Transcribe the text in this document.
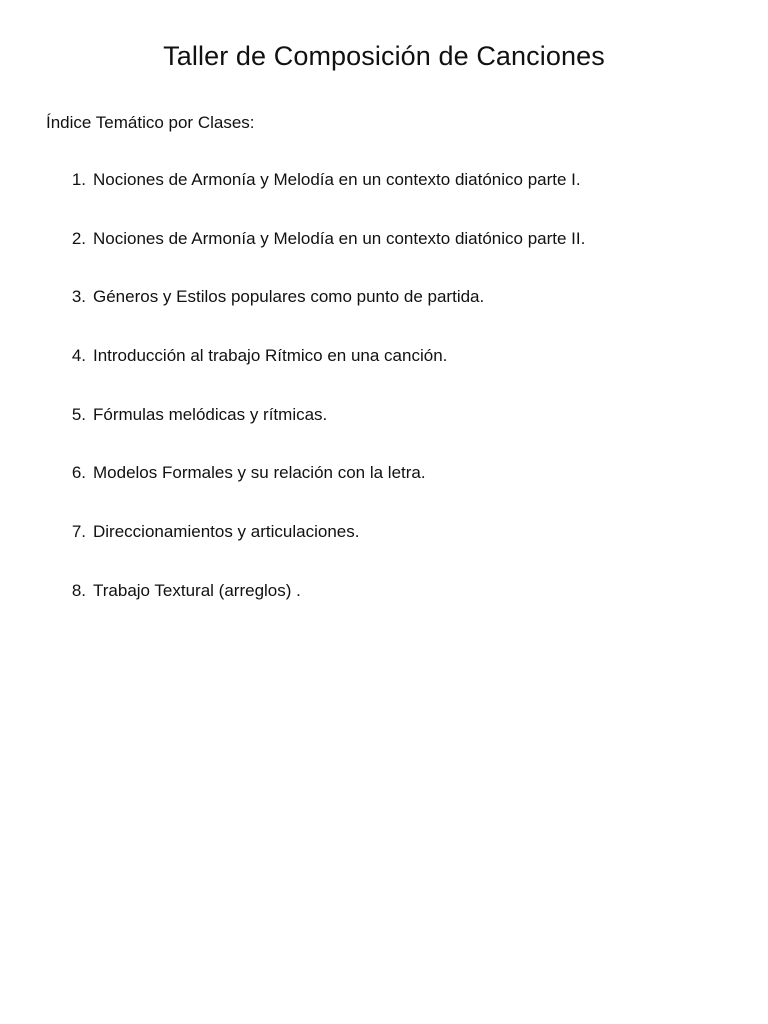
Taller de Composición de Canciones

Índice Temático por Clases:

1. Nociones de Armonía y Melodía en un contexto diatónico parte I.
2. Nociones de Armonía y Melodía en un contexto diatónico parte II.
3. Géneros y Estilos populares como punto de partida.
4. Introducción al trabajo Rítmico en una canción.
5. Fórmulas melódicas y rítmicas.
6. Modelos Formales y su relación con la letra.
7. Direccionamientos y articulaciones.
8. Trabajo Textural (arreglos) .
